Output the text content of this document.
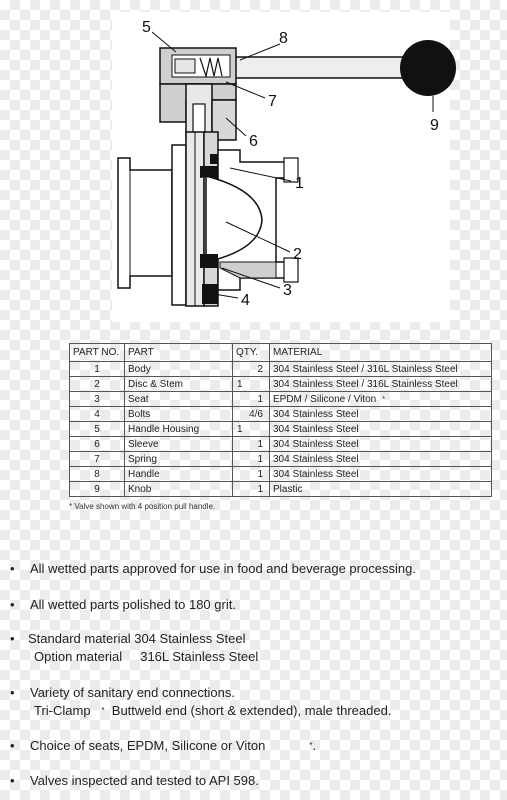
5
8
7
6
1
2
3
4
9
PART NO.	PART	QTY.	MATERIAL
1	Body	2	304 Stainless Steel / 316L Stainless Steel
2	Disc & Stem	1	304 Stainless Steel / 316L Stainless Steel
3	Seat	1	EPDM / Silicone / Viton *
4	Bolts	4/6	304 Stainless Steel
5	Handle Housing	1	304 Stainless Steel
6	Sleeve	1	304 Stainless Steel
7	Spring	1	304 Stainless Steel
8	Handle	1	304 Stainless Steel
9	Knob	1	Plastic
* Valve shown with 4 position pull handle.
•	All wetted parts approved for use in food and beverage processing.
•	All wetted parts polished to 180 grit.
•	Standard material 304 Stainless Steel
Option material     316L Stainless Steel
•	Variety of sanitary end connections.
Tri-Clamp * Buttweld end (short & extended), male threaded.
•	Choice of seats, EPDM, Silicone or Viton	*.
•	Valves inspected and tested to API 598.
